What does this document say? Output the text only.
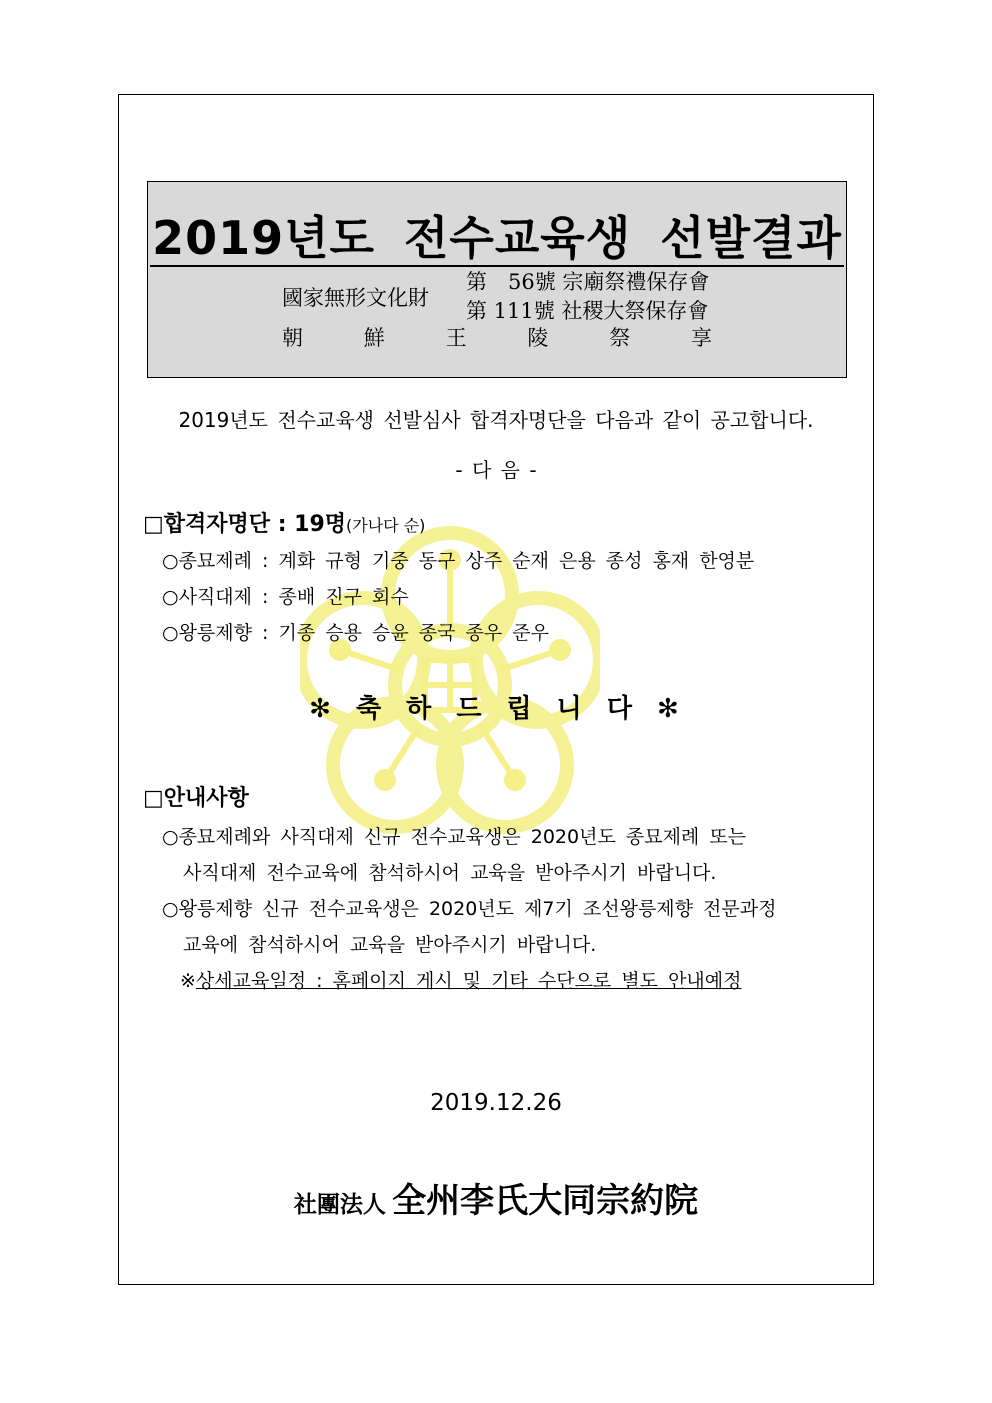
2019년도 전수교육생 선발결과
國家無形文化財
第　56號 宗廟祭禮保存會
第 111號 社稷大祭保存會
朝	鮮	王	陵	祭	享
2019년도 전수교육생 선발심사 합격자명단을 다음과 같이 공고합니다.
- 다 음 -
□합격자명단 : 19명(가나다 순)
○종묘제례 : 계화 규형 기중 동구 상주 순재 은용 종성 홍재 한영분
○사직대제 : 종배 진구 회수
○왕릉제향 : 기종 승용 승윤 종국 종우 준우
✻ 축 하 드 립 니 다 ✻
□안내사항
○종묘제례와 사직대제 신규 전수교육생은 2020년도 종묘제례 또는
사직대제 전수교육에 참석하시어 교육을 받아주시기 바랍니다.
○왕릉제향 신규 전수교육생은 2020년도 제7기 조선왕릉제향 전문과정
교육에 참석하시어 교육을 받아주시기 바랍니다.
※상세교육일정 : 홈페이지 게시 및 기타 수단으로 별도 안내예정
2019.12.26
社團法人 全州李氏大同宗約院
